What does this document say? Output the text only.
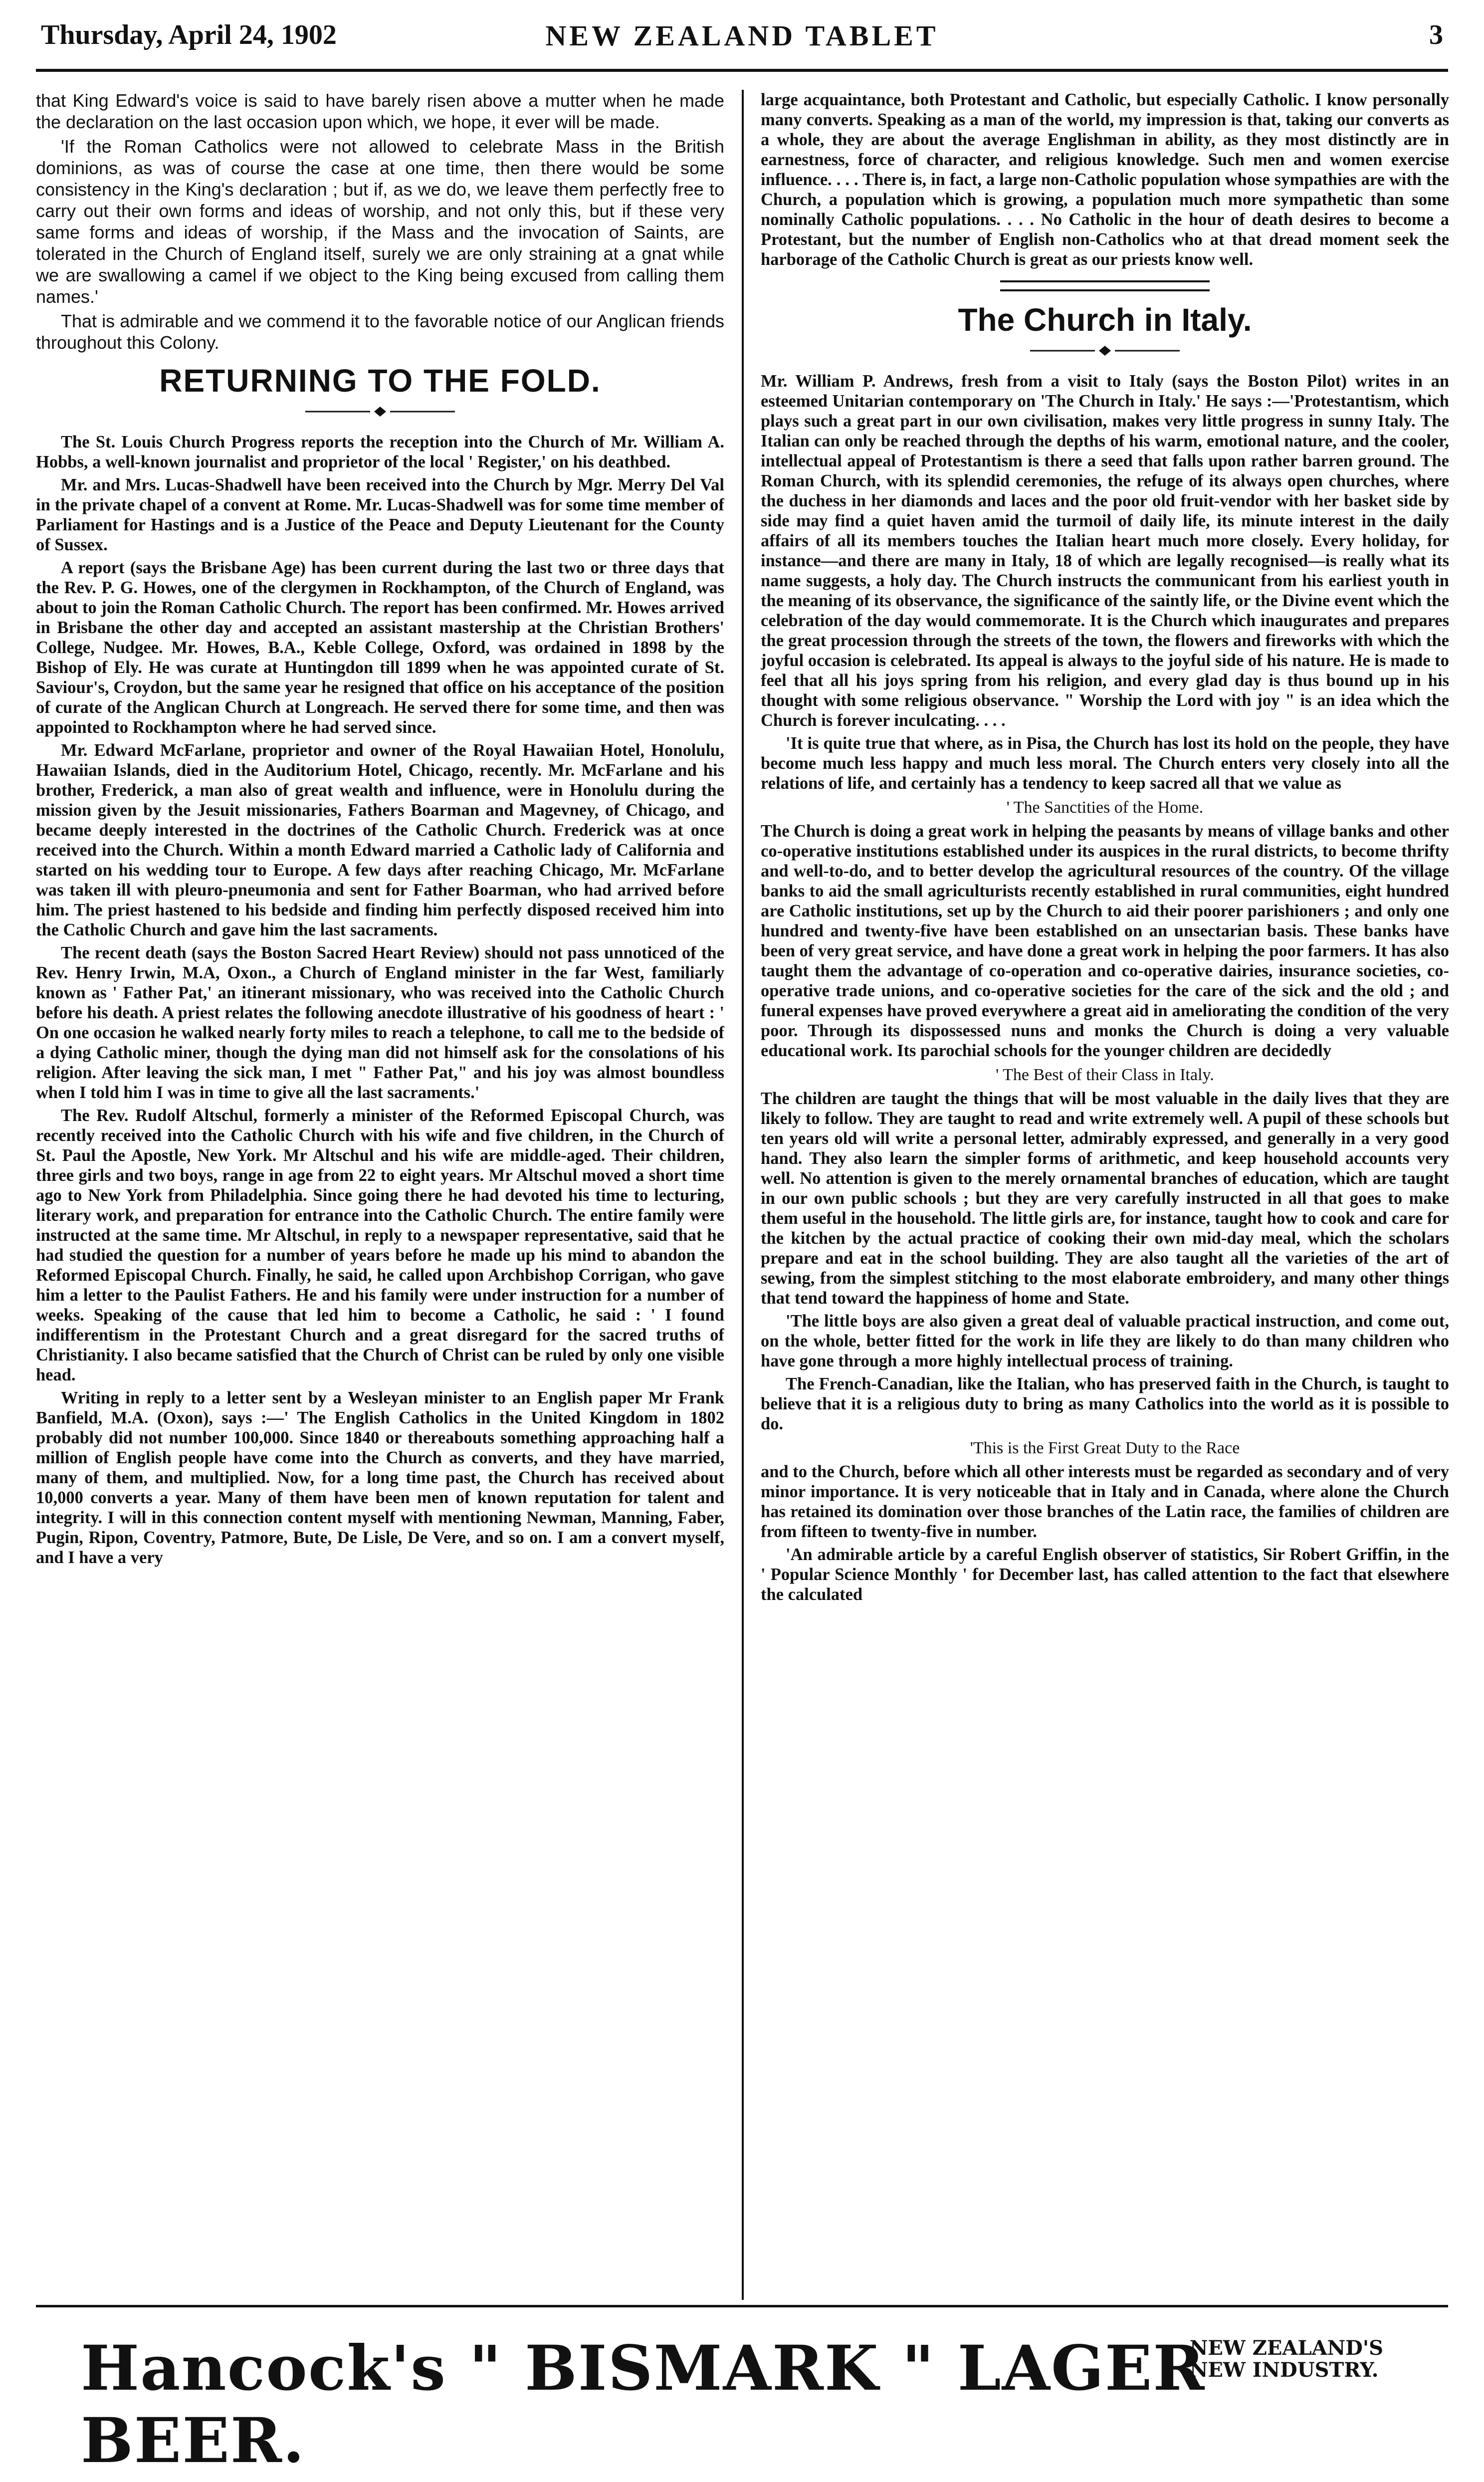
Thursday, April 24, 1902	NEW ZEALAND TABLET	3

that King Edward's voice is said to have barely risen above a mutter when he made the declaration on the last occasion upon which, we hope, it ever will be made.

'If the Roman Catholics were not allowed to celebrate Mass in the British dominions, as was of course the case at one time, then there would be some consistency in the King's declaration ; but if, as we do, we leave them perfectly free to carry out their own forms and ideas of worship, and not only this, but if these very same forms and ideas of worship, if the Mass and the invocation of Saints, are tolerated in the Church of England itself, surely we are only straining at a gnat while we are swallowing a camel if we object to the King being excused from calling them names.'

That is admirable and we commend it to the favorable notice of our Anglican friends throughout this Colony.

RETURNING TO THE FOLD.

The St. Louis Church Progress reports the reception into the Church of Mr. William A. Hobbs, a well-known journalist and proprietor of the local ' Register,' on his deathbed.

Mr. and Mrs. Lucas-Shadwell have been received into the Church by Mgr. Merry Del Val in the private chapel of a convent at Rome. Mr. Lucas-Shadwell was for some time member of Parliament for Hastings and is a Justice of the Peace and Deputy Lieutenant for the County of Sussex.

A report (says the Brisbane Age) has been current during the last two or three days that the Rev. P. G. Howes, one of the clergymen in Rockhampton, of the Church of England, was about to join the Roman Catholic Church. The report has been confirmed. Mr. Howes arrived in Brisbane the other day and accepted an assistant mastership at the Christian Brothers' College, Nudgee. Mr. Howes, B.A., Keble College, Oxford, was ordained in 1898 by the Bishop of Ely. He was curate at Huntingdon till 1899 when he was appointed curate of St. Saviour's, Croydon, but the same year he resigned that office on his acceptance of the position of curate of the Anglican Church at Longreach. He served there for some time, and then was appointed to Rockhampton where he had served since.

Mr. Edward McFarlane, proprietor and owner of the Royal Hawaiian Hotel, Honolulu, Hawaiian Islands, died in the Auditorium Hotel, Chicago, recently. Mr. McFarlane and his brother, Frederick, a man also of great wealth and influence, were in Honolulu during the mission given by the Jesuit missionaries, Fathers Boarman and Magevney, of Chicago, and became deeply interested in the doctrines of the Catholic Church. Frederick was at once received into the Church. Within a month Edward married a Catholic lady of California and started on his wedding tour to Europe. A few days after reaching Chicago, Mr. McFarlane was taken ill with pleuro-pneumonia and sent for Father Boarman, who had arrived before him. The priest hastened to his bedside and finding him perfectly disposed received him into the Catholic Church and gave him the last sacraments.

The recent death (says the Boston Sacred Heart Review) should not pass unnoticed of the Rev. Henry Irwin, M.A, Oxon., a Church of England minister in the far West, familiarly known as ' Father Pat,' an itinerant missionary, who was received into the Catholic Church before his death. A priest relates the following anecdote illustrative of his goodness of heart : ' On one occasion he walked nearly forty miles to reach a telephone, to call me to the bedside of a dying Catholic miner, though the dying man did not himself ask for the consolations of his religion. After leaving the sick man, I met " Father Pat," and his joy was almost boundless when I told him I was in time to give all the last sacraments.'

The Rev. Rudolf Altschul, formerly a minister of the Reformed Episcopal Church, was recently received into the Catholic Church with his wife and five children, in the Church of St. Paul the Apostle, New York. Mr Altschul and his wife are middle-aged. Their children, three girls and two boys, range in age from 22 to eight years. Mr Altschul moved a short time ago to New York from Philadelphia. Since going there he had devoted his time to lecturing, literary work, and preparation for entrance into the Catholic Church. The entire family were instructed at the same time. Mr Altschul, in reply to a newspaper representative, said that he had studied the question for a number of years before he made up his mind to abandon the Reformed Episcopal Church. Finally, he said, he called upon Archbishop Corrigan, who gave him a letter to the Paulist Fathers. He and his family were under instruction for a number of weeks. Speaking of the cause that led him to become a Catholic, he said : ' I found indifferentism in the Protestant Church and a great disregard for the sacred truths of Christianity. I also became satisfied that the Church of Christ can be ruled by only one visible head.

Writing in reply to a letter sent by a Wesleyan minister to an English paper Mr Frank Banfield, M.A. (Oxon), says :—' The English Catholics in the United Kingdom in 1802 probably did not number 100,000. Since 1840 or thereabouts something approaching half a million of English people have come into the Church as converts, and they have married, many of them, and multiplied. Now, for a long time past, the Church has received about 10,000 converts a year. Many of them have been men of known reputation for talent and integrity. I will in this connection content myself with mentioning Newman, Manning, Faber, Pugin, Ripon, Coventry, Patmore, Bute, De Lisle, De Vere, and so on. I am a convert myself, and I have a very

large acquaintance, both Protestant and Catholic, but especially Catholic. I know personally many converts. Speaking as a man of the world, my impression is that, taking our converts as a whole, they are about the average Englishman in ability, as they most distinctly are in earnestness, force of character, and religious knowledge. Such men and women exercise influence. . . . There is, in fact, a large non-Catholic population whose sympathies are with the Church, a population which is growing, a population much more sympathetic than some nominally Catholic populations. . . . No Catholic in the hour of death desires to become a Protestant, but the number of English non-Catholics who at that dread moment seek the harborage of the Catholic Church is great as our priests know well.

The Church in Italy.

Mr. William P. Andrews, fresh from a visit to Italy (says the Boston Pilot) writes in an esteemed Unitarian contemporary on 'The Church in Italy.' He says :—'Protestantism, which plays such a great part in our own civilisation, makes very little progress in sunny Italy. The Italian can only be reached through the depths of his warm, emotional nature, and the cooler, intellectual appeal of Protestantism is there a seed that falls upon rather barren ground. The Roman Church, with its splendid ceremonies, the refuge of its always open churches, where the duchess in her diamonds and laces and the poor old fruit-vendor with her basket side by side may find a quiet haven amid the turmoil of daily life, its minute interest in the daily affairs of all its members touches the Italian heart much more closely. Every holiday, for instance—and there are many in Italy, 18 of which are legally recognised—is really what its name suggests, a holy day. The Church instructs the communicant from his earliest youth in the meaning of its observance, the significance of the saintly life, or the Divine event which the celebration of the day would commemorate. It is the Church which inaugurates and prepares the great procession through the streets of the town, the flowers and fireworks with which the joyful occasion is celebrated. Its appeal is always to the joyful side of his nature. He is made to feel that all his joys spring from his religion, and every glad day is thus bound up in his thought with some religious observance. " Worship the Lord with joy " is an idea which the Church is forever inculcating. . . .

'It is quite true that where, as in Pisa, the Church has lost its hold on the people, they have become much less happy and much less moral. The Church enters very closely into all the relations of life, and certainly has a tendency to keep sacred all that we value as

' The Sanctities of the Home.

The Church is doing a great work in helping the peasants by means of village banks and other co-operative institutions established under its auspices in the rural districts, to become thrifty and well-to-do, and to better develop the agricultural resources of the country. Of the village banks to aid the small agriculturists recently established in rural communities, eight hundred are Catholic institutions, set up by the Church to aid their poorer parishioners ; and only one hundred and twenty-five have been established on an unsectarian basis. These banks have been of very great service, and have done a great work in helping the poor farmers. It has also taught them the advantage of co-operation and co-operative dairies, insurance societies, co-operative trade unions, and co-operative societies for the care of the sick and the old ; and funeral expenses have proved everywhere a great aid in ameliorating the condition of the very poor. Through its dispossessed nuns and monks the Church is doing a very valuable educational work. Its parochial schools for the younger children are decidedly

' The Best of their Class in Italy.

The children are taught the things that will be most valuable in the daily lives that they are likely to follow. They are taught to read and write extremely well. A pupil of these schools but ten years old will write a personal letter, admirably expressed, and generally in a very good hand. They also learn the simpler forms of arithmetic, and keep household accounts very well. No attention is given to the merely ornamental branches of education, which are taught in our own public schools ; but they are very carefully instructed in all that goes to make them useful in the household. The little girls are, for instance, taught how to cook and care for the kitchen by the actual practice of cooking their own mid-day meal, which the scholars prepare and eat in the school building. They are also taught all the varieties of the art of sewing, from the simplest stitching to the most elaborate embroidery, and many other things that tend toward the happiness of home and State.

'The little boys are also given a great deal of valuable practical instruction, and come out, on the whole, better fitted for the work in life they are likely to do than many children who have gone through a more highly intellectual process of training.

The French-Canadian, like the Italian, who has preserved faith in the Church, is taught to believe that it is a religious duty to bring as many Catholics into the world as it is possible to do.

'This is the First Great Duty to the Race

and to the Church, before which all other interests must be regarded as secondary and of very minor importance. It is very noticeable that in Italy and in Canada, where alone the Church has retained its domination over those branches of the Latin race, the families of children are from fifteen to twenty-five in number.

'An admirable article by a careful English observer of statistics, Sir Robert Griffin, in the ' Popular Science Monthly ' for December last, has called attention to the fact that elsewhere the calculated

Hancock's " BISMARK " LAGER BEER.
NEW ZEALAND'S
NEW INDUSTRY.
